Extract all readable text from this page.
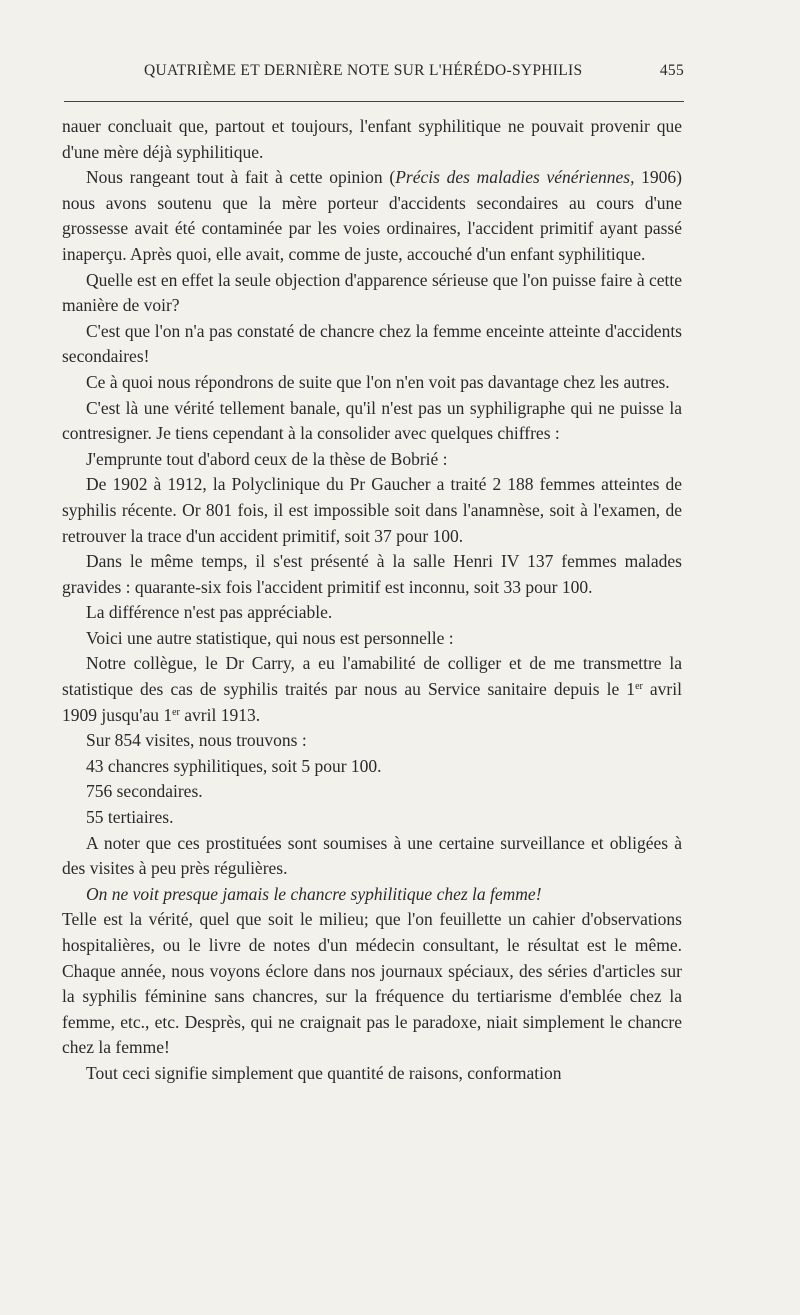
QUATRIÈME ET DERNIÈRE NOTE SUR L'HÉRÉDO-SYPHILIS	455

nauer concluait que, partout et toujours, l'enfant syphilitique ne pouvait provenir que d'une mère déjà syphilitique.

Nous rangeant tout à fait à cette opinion (Précis des maladies vénériennes, 1906) nous avons soutenu que la mère porteur d'accidents secondaires au cours d'une grossesse avait été contaminée par les voies ordinaires, l'accident primitif ayant passé inaperçu. Après quoi, elle avait, comme de juste, accouché d'un enfant syphilitique.

Quelle est en effet la seule objection d'apparence sérieuse que l'on puisse faire à cette manière de voir?

C'est que l'on n'a pas constaté de chancre chez la femme enceinte atteinte d'accidents secondaires!

Ce à quoi nous répondrons de suite que l'on n'en voit pas davantage chez les autres.

C'est là une vérité tellement banale, qu'il n'est pas un syphiligraphe qui ne puisse la contresigner. Je tiens cependant à la consolider avec quelques chiffres :

J'emprunte tout d'abord ceux de la thèse de Bobrié :

De 1902 à 1912, la Polyclinique du Pr Gaucher a traité 2 188 femmes atteintes de syphilis récente. Or 801 fois, il est impossible soit dans l'anamnèse, soit à l'examen, de retrouver la trace d'un accident primitif, soit 37 pour 100.

Dans le même temps, il s'est présenté à la salle Henri IV 137 femmes malades gravides : quarante-six fois l'accident primitif est inconnu, soit 33 pour 100.

La différence n'est pas appréciable.

Voici une autre statistique, qui nous est personnelle :

Notre collègue, le Dr Carry, a eu l'amabilité de colliger et de me transmettre la statistique des cas de syphilis traités par nous au Service sanitaire depuis le 1er avril 1909 jusqu'au 1er avril 1913.

Sur 854 visites, nous trouvons :

43 chancres syphilitiques, soit 5 pour 100.

756 secondaires.

55 tertiaires.

A noter que ces prostituées sont soumises à une certaine surveillance et obligées à des visites à peu près régulières.

On ne voit presque jamais le chancre syphilitique chez la femme!

Telle est la vérité, quel que soit le milieu; que l'on feuillette un cahier d'observations hospitalières, ou le livre de notes d'un médecin consultant, le résultat est le même. Chaque année, nous voyons éclore dans nos journaux spéciaux, des séries d'articles sur la syphilis féminine sans chancres, sur la fréquence du tertiarisme d'emblée chez la femme, etc., etc. Desprès, qui ne craignait pas le paradoxe, niait simplement le chancre chez la femme!

Tout ceci signifie simplement que quantité de raisons, conformation
